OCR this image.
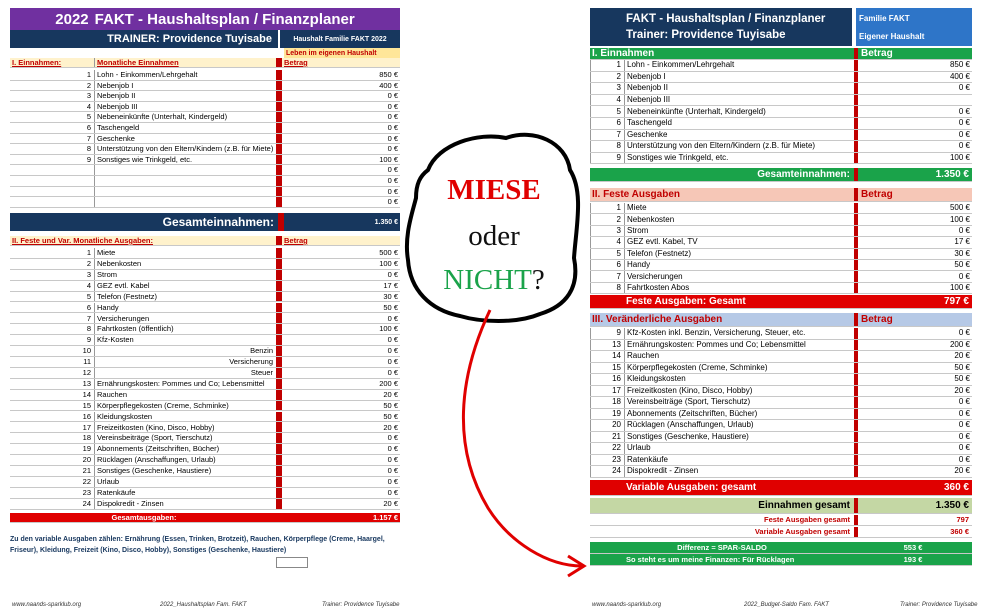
2022 FAKT - Haushaltsplan / Finanzplaner
TRAINER: Providence Tuyisabe	Haushalt Familie FAKT 2022
Leben im eigenen Haushalt
I. Einnahmen:	Monatliche Einnahmen	Betrag
1 Lohn - Einkommen/Lehrgehalt	850 €
2 Nebenjob I	400 €
3 Nebenjob II	0 €
4 Nebenjob III	0 €
5 Nebeneinkünfte (Unterhalt, Kindergeld)	0 €
6 Taschengeld	0 €
7 Geschenke	0 €
8 Unterstützung von den Eltern/Kindern (z.B. für Miete)	0 €
9 Sonstiges wie Trinkgeld, etc.	100 €
0 €
0 €
0 €
0 €
Gesamteinnahmen:	1.350 €
II. Feste und Var. Monatliche Ausgaben:	Betrag
1 Miete	500 €
2 Nebenkosten	100 €
3 Strom	0 €
4 GEZ evtl. Kabel	17 €
5 Telefon (Festnetz)	30 €
6 Handy	50 €
7 Versicherungen	0 €
8 Fahrtkosten (öffentlich)	100 €
9 Kfz-Kosten	0 €
10	Benzin	0 €
11	Versicherung	0 €
12	Steuer	0 €
13 Ernährungskosten: Pommes und Co; Lebensmittel	200 €
14 Rauchen	20 €
15 Körperpflegekosten (Creme, Schminke)	50 €
16 Kleidungskosten	50 €
17 Freizeitkosten (Kino, Disco, Hobby)	20 €
18 Vereinsbeiträge (Sport, Tierschutz)	0 €
19 Abonnements (Zeitschriften, Bücher)	0 €
20 Rücklagen (Anschaffungen, Urlaub)	0 €
21 Sonstiges (Geschenke, Haustiere)	0 €
22 Urlaub	0 €
23 Ratenkäufe	0 €
24 Dispokredit - Zinsen	20 €
Gesamtausgaben:	1.157 €
Zu den variable Ausgaben zählen: Ernährung (Essen, Trinken, Brotzeit), Rauchen, Körperpflege (Creme, Haargel, Friseur), Kleidung, Freizeit (Kino, Disco, Hobby), Sonstiges (Geschenke, Haustiere)
MIESE
oder
NICHT?
FAKT - Haushaltsplan / Finanzplaner
Trainer: Providence Tuyisabe
Familie FAKT
Eigener Haushalt
I. Einnahmen	Betrag
1 Lohn - Einkommen/Lehrgehalt	850 €
2 Nebenjob I	400 €
3 Nebenjob II	0 €
4 Nebenjob III
5 Nebeneinkünfte (Unterhalt, Kindergeld)	0 €
6 Taschengeld	0 €
7 Geschenke	0 €
8 Unterstützung von den Eltern/Kindern (z.B. für Miete)	0 €
9 Sonstiges wie Trinkgeld, etc.	100 €
Gesamteinnahmen:	1.350 €
II. Feste Ausgaben	Betrag
1 Miete	500 €
2 Nebenkosten	100 €
3 Strom	0 €
4 GEZ evtl. Kabel, TV	17 €
5 Telefon (Festnetz)	30 €
6 Handy	50 €
7 Versicherungen	0 €
8 Fahrtkosten Abos	100 €
Feste Ausgaben: Gesamt	797 €
III. Veränderliche Ausgaben	Betrag
9 Kfz-Kosten inkl. Benzin, Versicherung, Steuer, etc.	0 €
13 Ernährungskosten: Pommes und Co; Lebensmittel	200 €
14 Rauchen	20 €
15 Körperpflegekosten (Creme, Schminke)	50 €
16 Kleidungskosten	50 €
17 Freizeitkosten (Kino, Disco, Hobby)	20 €
18 Vereinsbeiträge (Sport, Tierschutz)	0 €
19 Abonnements (Zeitschriften, Bücher)	0 €
20 Rücklagen (Anschaffungen, Urlaub)	0 €
21 Sonstiges (Geschenke, Haustiere)	0 €
22 Urlaub	0 €
23 Ratenkäufe	0 €
24 Dispokredit - Zinsen	20 €
Variable Ausgaben: gesamt	360 €
Einnahmen gesamt	1.350 €
Feste Ausgaben gesamt	797
Variable Ausgaben gesamt	360 €
Differenz = SPAR-SALDO	553 €
So steht es um meine Finanzen: Für Rücklagen	193 €
www.naands-sparklub.org	2022_Haushaltsplan Fam. FAKT	Trainer: Providence Tuyisabe	www.naands-sparklub.org	2022_Budget-Saldo Fam. FAKT	Trainer: Providence Tuyisabe
